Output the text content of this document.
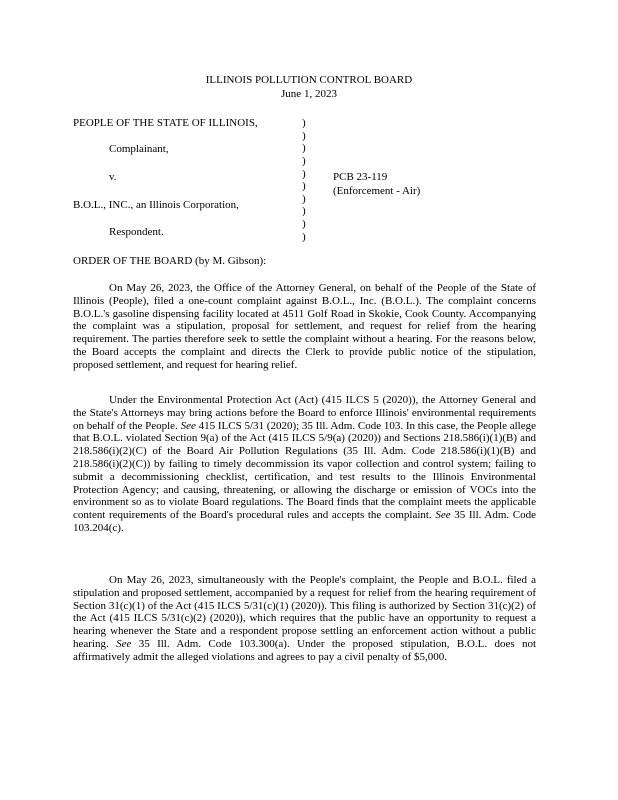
ILLINOIS POLLUTION CONTROL BOARD
June 1, 2023
PEOPLE OF THE STATE OF ILLINOIS,
Complainant,
v.
B.O.L., INC., an Illinois Corporation,
Respondent.
)
)
)
)
)
)
)
)
)
)
PCB 23-119
(Enforcement - Air)
ORDER OF THE BOARD (by M. Gibson):

On May 26, 2023, the Office of the Attorney General, on behalf of the People of the State of Illinois (People), filed a one-count complaint against B.O.L., Inc. (B.O.L.). The complaint concerns B.O.L.'s gasoline dispensing facility located at 4511 Golf Road in Skokie, Cook County. Accompanying the complaint was a stipulation, proposal for settlement, and request for relief from the hearing requirement. The parties therefore seek to settle the complaint without a hearing. For the reasons below, the Board accepts the complaint and directs the Clerk to provide public notice of the stipulation, proposed settlement, and request for hearing relief.

Under the Environmental Protection Act (Act) (415 ILCS 5 (2020)), the Attorney General and the State's Attorneys may bring actions before the Board to enforce Illinois' environmental requirements on behalf of the People. See 415 ILCS 5/31 (2020); 35 Ill. Adm. Code 103. In this case, the People allege that B.O.L. violated Section 9(a) of the Act (415 ILCS 5/9(a) (2020)) and Sections 218.586(i)(1)(B) and 218.586(i)(2)(C) of the Board Air Pollution Regulations (35 Ill. Adm. Code 218.586(i)(1)(B) and 218.586(i)(2)(C)) by failing to timely decommission its vapor collection and control system; failing to submit a decommissioning checklist, certification, and test results to the Illinois Environmental Protection Agency; and causing, threatening, or allowing the discharge or emission of VOCs into the environment so as to violate Board regulations. The Board finds that the complaint meets the applicable content requirements of the Board's procedural rules and accepts the complaint. See 35 Ill. Adm. Code 103.204(c).

On May 26, 2023, simultaneously with the People's complaint, the People and B.O.L. filed a stipulation and proposed settlement, accompanied by a request for relief from the hearing requirement of Section 31(c)(1) of the Act (415 ILCS 5/31(c)(1) (2020)). This filing is authorized by Section 31(c)(2) of the Act (415 ILCS 5/31(c)(2) (2020)), which requires that the public have an opportunity to request a hearing whenever the State and a respondent propose settling an enforcement action without a public hearing. See 35 Ill. Adm. Code 103.300(a). Under the proposed stipulation, B.O.L. does not affirmatively admit the alleged violations and agrees to pay a civil penalty of $5,000.
